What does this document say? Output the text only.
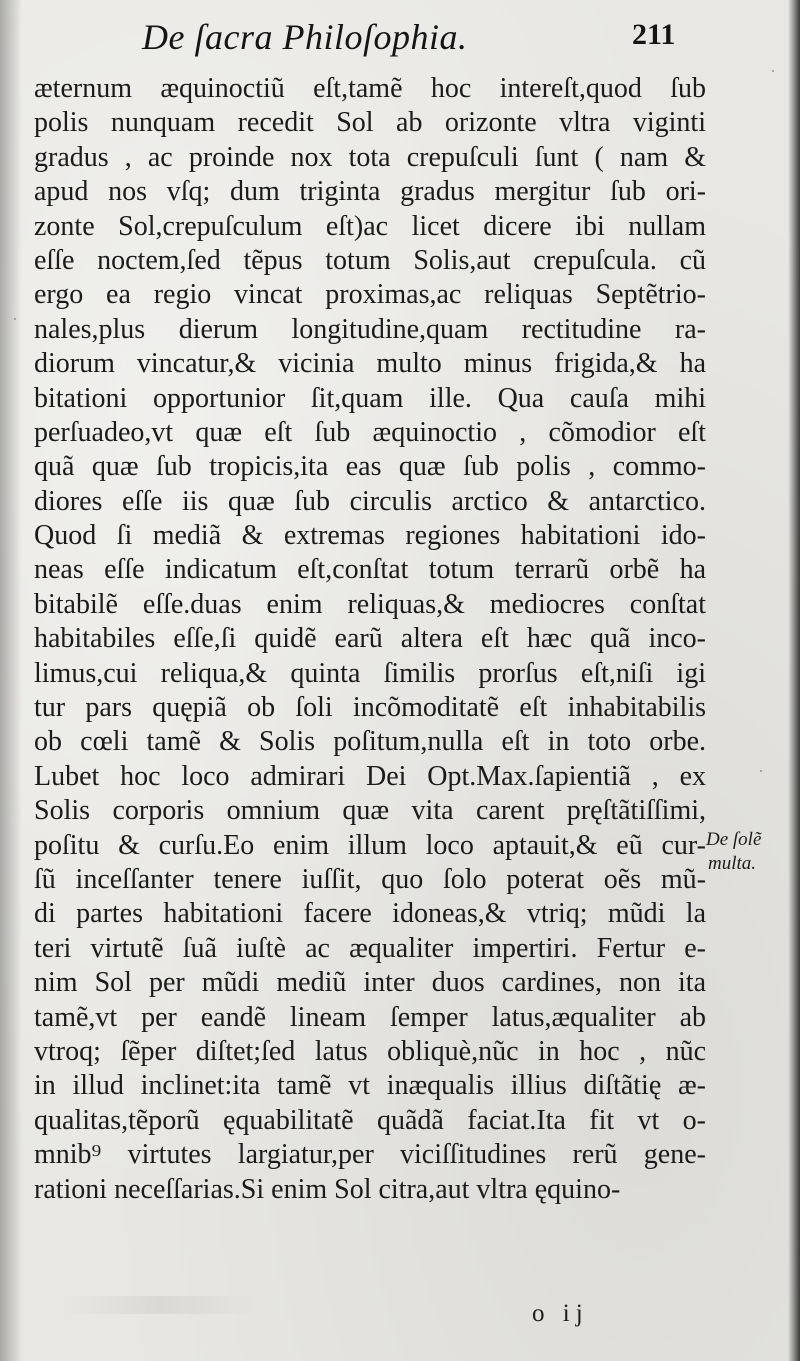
De ſacra Philoſophia.	211
æternum æquinoctiũ eſt,tamẽ hoc intereſt,quod ſub
polis nunquam recedit Sol ab orizonte vltra viginti
gradus , ac proinde nox tota crepuſculi ſunt ( nam &
apud nos vſq; dum triginta gradus mergitur ſub ori-
zonte Sol,crepuſculum eſt)ac licet dicere ibi nullam
eſſe noctem,ſed tẽpus totum Solis,aut crepuſcula. cũ
ergo ea regio vincat proximas,ac reliquas Septẽtrio-
nales,plus dierum longitudine,quam rectitudine ra-
diorum vincatur,& vicinia multo minus frigida,& ha
bitationi opportunior ſit,quam ille. Qua cauſa mihi
perſuadeo,vt quæ eſt ſub æquinoctio , cõmodior eſt
quã quæ ſub tropicis,ita eas quæ ſub polis , commo-
diores eſſe iis quæ ſub circulis arctico & antarctico.
Quod ſi mediã & extremas regiones habitationi ido-
neas eſſe indicatum eſt,conſtat totum terrarũ orbẽ ha
bitabilẽ eſſe.duas enim reliquas,& mediocres conſtat
habitabiles eſſe,ſi quidẽ earũ altera eſt hæc quã inco-
limus,cui reliqua,& quinta ſimilis prorſus eſt,niſi igi
tur pars quępiã ob ſoli incõmoditatẽ eſt inhabitabilis
ob cœli tamẽ & Solis poſitum,nulla eſt in toto orbe.
Lubet hoc loco admirari Dei Opt.Max.ſapientiã , ex
Solis corporis omnium quæ vita carent pręſtãtiſſimi,
poſitu & curſu.Eo enim illum loco aptauit,& eũ cur-
ſũ inceſſanter tenere iuſſit, quo ſolo poterat oẽs mũ-
di partes habitationi facere idoneas,& vtriq; mũdi la
teri virtutẽ ſuã iuſtè ac æqualiter impertiri. Fertur e-
nim Sol per mũdi mediũ inter duos cardines, non ita
tamẽ,vt per eandẽ lineam ſemper latus,æqualiter ab
vtroq; ſẽper diſtet;ſed latus obliquè,nũc in hoc , nũc
in illud inclinet:ita tamẽ vt inæqualis illius diſtãtię æ-
qualitas,tẽporũ ęquabilitatẽ quãdã faciat.Ita fit vt o-
mnib⁹ virtutes largiatur,per viciſſitudines rerũ gene-
rationi neceſſarias.Si enim Sol citra,aut vltra ęquino-
De ſolẽ
multa.
o ij
